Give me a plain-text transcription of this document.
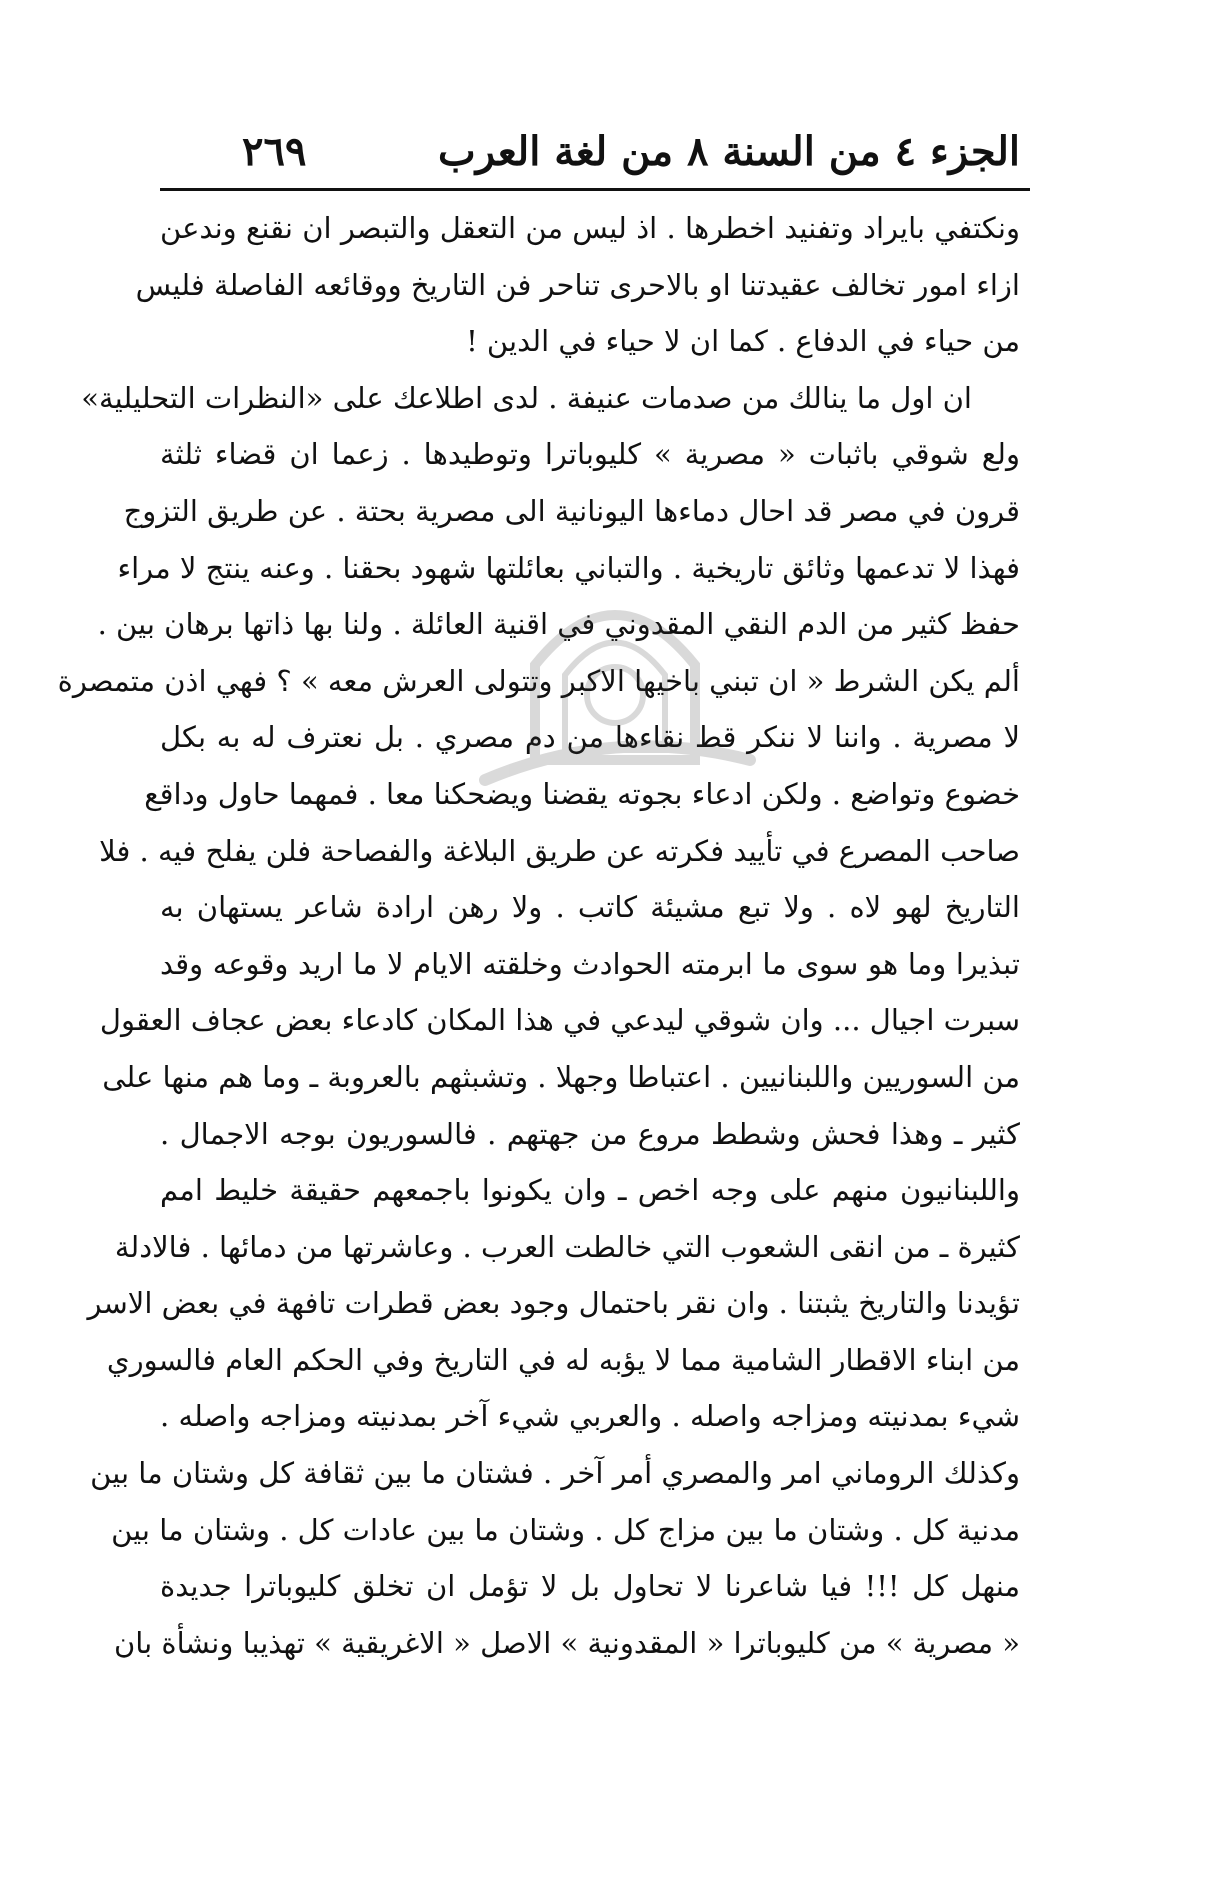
الجزء ٤ من السنة ٨ من لغة العرب
٢٦٩
ونكتفي بايراد وتفنيد اخطرها . اذ ليس من التعقل والتبصر ان نقنع وندعن
ازاء امور تخالف عقيدتنا او بالاحرى تناحر فن التاريخ ووقائعه الفاصلة فليس
من حياء في الدفاع . كما ان لا حياء في الدين !
ان اول ما ينالك من صدمات عنيفة . لدى اطلاعك على «النظرات التحليلية»
ولع شوقي باثبات « مصرية » كليوباترا وتوطيدها . زعما ان قضاء ثلثة
قرون في مصر قد احال دماءها اليونانية الى مصرية بحتة . عن طريق التزوج
فهذا لا تدعمها وثائق تاريخية . والتباني بعائلتها شهود بحقنا . وعنه ينتج لا مراء
حفظ كثير من الدم النقي المقدوني في اقنية العائلة . ولنا بها ذاتها برهان بين .
ألم يكن الشرط « ان تبني باخيها الاكبر وتتولى العرش معه » ؟ فهي اذن متمصرة
لا مصرية . واننا لا ننكر قط نقاءها من دم مصري . بل نعترف له به بكل
خضوع وتواضع . ولكن ادعاء بجوته يقضنا ويضحكنا معا . فمهما حاول وداقع
صاحب المصرع في تأييد فكرته عن طريق البلاغة والفصاحة فلن يفلح فيه . فلا
التاريخ لهو لاه . ولا تبع مشيئة كاتب . ولا رهن ارادة شاعر يستهان به
تبذيرا وما هو سوى ما ابرمته الحوادث وخلقته الايام لا ما اريد وقوعه وقد
سبرت اجيال ... وان شوقي ليدعي في هذا المكان كادعاء بعض عجاف العقول
من السوريين واللبنانيين . اعتباطا وجهلا . وتشبثهم بالعروبة ـ وما هم منها على
كثير ـ وهذا فحش وشطط مروع من جهتهم . فالسوريون بوجه الاجمال .
واللبنانيون منهم على وجه اخص ـ وان يكونوا باجمعهم حقيقة خليط امم
كثيرة ـ من انقى الشعوب التي خالطت العرب . وعاشرتها من دمائها . فالادلة
تؤيدنا والتاريخ يثبتنا . وان نقر باحتمال وجود بعض قطرات تافهة في بعض الاسر
من ابناء الاقطار الشامية مما لا يؤبه له في التاريخ وفي الحكم العام فالسوري
شيء بمدنيته ومزاجه واصله . والعربي شيء آخر بمدنيته ومزاجه واصله .
وكذلك الروماني امر والمصري أمر آخر . فشتان ما بين ثقافة كل وشتان ما بين
مدنية كل . وشتان ما بين مزاج كل . وشتان ما بين عادات كل . وشتان ما بين
منهل كل !!! فيا شاعرنا لا تحاول بل لا تؤمل ان تخلق كليوباترا جديدة
« مصرية » من كليوباترا « المقدونية » الاصل « الاغريقية » تهذيبا ونشأة بان
